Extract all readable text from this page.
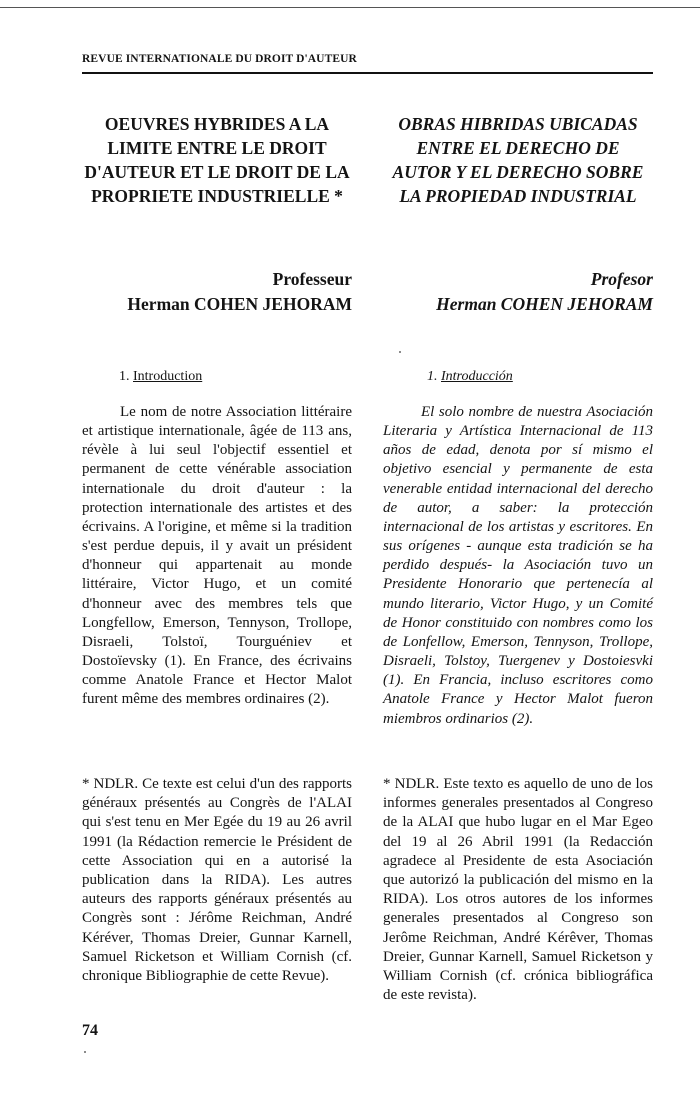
REVUE INTERNATIONALE DU DROIT D'AUTEUR
OEUVRES HYBRIDES A LA
LIMITE ENTRE LE DROIT
D'AUTEUR ET LE DROIT DE LA
PROPRIETE INDUSTRIELLE *
OBRAS HIBRIDAS UBICADAS
ENTRE EL DERECHO DE
AUTOR Y EL DERECHO SOBRE
LA PROPIEDAD INDUSTRIAL
Professeur
Herman COHEN JEHORAM
Profesor
Herman COHEN JEHORAM
1. Introduction	1. Introducción

Le nom de notre Association littéraire et artistique internationale, âgée de 113 ans, révèle à lui seul l'objectif essentiel et permanent de cette vénérable association internationale du droit d'auteur : la protection internationale des artistes et des écrivains. A l'origine, et même si la tradition s'est perdue depuis, il y avait un président d'honneur qui appartenait au monde littéraire, Victor Hugo, et un comité d'honneur avec des membres tels que Longfellow, Emerson, Tennyson, Trollope, Disraeli, Tolstoï, Tourguéniev et Dostoïevsky (1). En France, des écrivains comme Anatole France et Hector Malot furent même des membres ordinaires (2).

El solo nombre de nuestra Asociación Literaria y Artística Internacional de 113 años de edad, denota por sí mismo el objetivo esencial y permanente de esta venerable entidad internacional del derecho de autor, a saber: la protección internacional de los artistas y escritores. En sus orígenes - aunque esta tradición se ha perdido después- la Asociación tuvo un Presidente Honorario que pertenecía al mundo literario, Victor Hugo, y un Comité de Honor constituido con nombres como los de Lonfellow, Emerson, Tennyson, Trollope, Disraeli, Tolstoy, Tuergenev y Dostoiesvki (1). En Francia, incluso escritores como Anatole France y Hector Malot fueron miembros ordinarios (2).

* NDLR. Ce texte est celui d'un des rapports généraux présentés au Congrès de l'ALAI qui s'est tenu en Mer Egée du 19 au 26 avril 1991 (la Rédaction remercie le Président de cette Association qui en a autorisé la publication dans la RIDA). Les autres auteurs des rapports généraux présentés au Congrès sont : Jérôme Reichman, André Kéréver, Thomas Dreier, Gunnar Karnell, Samuel Ricketson et William Cornish (cf. chronique Bibliographie de cette Revue).

* NDLR. Este texto es aquello de uno de los informes generales presentados al Congreso de la ALAI que hubo lugar en el Mar Egeo del 19 al 26 Abril 1991 (la Redacción agradece al Presidente de esta Asociación que autorizó la publicación del mismo en la RIDA). Los otros autores de los informes generales presentados al Congreso son Jerôme Reichman, André Kérêver, Thomas Dreier, Gunnar Karnell, Samuel Ricketson y William Cornish (cf. crónica bibliográfica de este revista).

74
